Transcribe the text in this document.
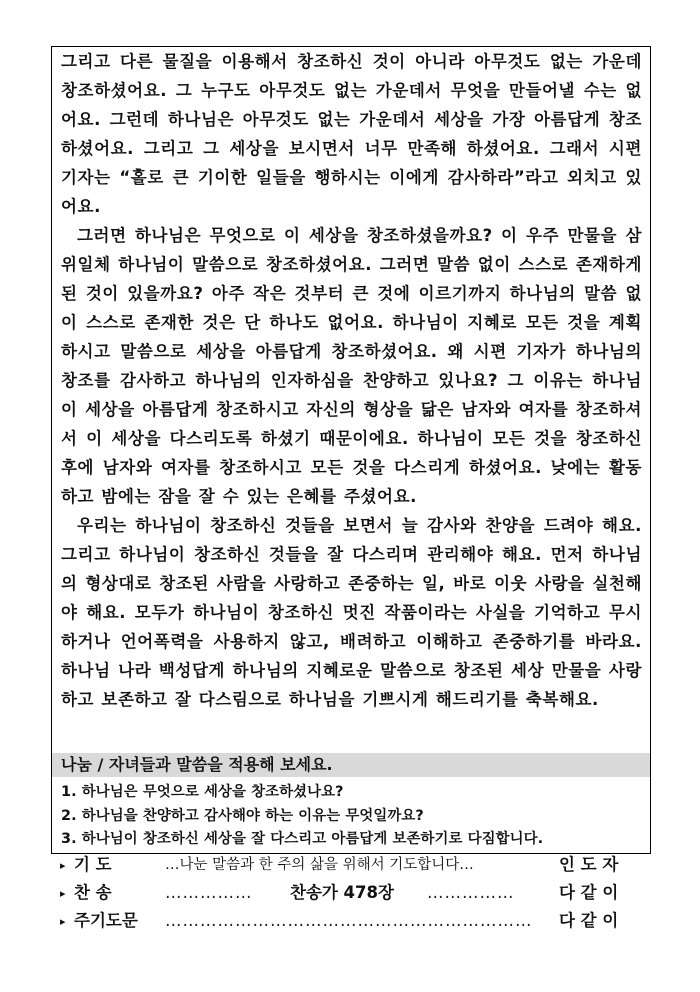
그리고 다른 물질을 이용해서 창조하신 것이 아니라 아무것도 없는 가운데 창조하셨어요. 그 누구도 아무것도 없는 가운데서 무엇을 만들어낼 수는 없어요. 그런데 하나님은 아무것도 없는 가운데서 세상을 가장 아름답게 창조하셨어요. 그리고 그 세상을 보시면서 너무 만족해 하셨어요. 그래서 시편 기자는 “홀로 큰 기이한 일들을 행하시는 이에게 감사하라”라고 외치고 있어요.

그러면 하나님은 무엇으로 이 세상을 창조하셨을까요? 이 우주 만물을 삼위일체 하나님이 말씀으로 창조하셨어요. 그러면 말씀 없이 스스로 존재하게 된 것이 있을까요? 아주 작은 것부터 큰 것에 이르기까지 하나님의 말씀 없이 스스로 존재한 것은 단 하나도 없어요. 하나님이 지혜로 모든 것을 계획하시고 말씀으로 세상을 아름답게 창조하셨어요. 왜 시편 기자가 하나님의 창조를 감사하고 하나님의 인자하심을 찬양하고 있나요? 그 이유는 하나님이 세상을 아름답게 창조하시고 자신의 형상을 닮은 남자와 여자를 창조하셔서 이 세상을 다스리도록 하셨기 때문이에요. 하나님이 모든 것을 창조하신 후에 남자와 여자를 창조하시고 모든 것을 다스리게 하셨어요. 낮에는 활동하고 밤에는 잠을 잘 수 있는 은혜를 주셨어요.

우리는 하나님이 창조하신 것들을 보면서 늘 감사와 찬양을 드려야 해요. 그리고 하나님이 창조하신 것들을 잘 다스리며 관리해야 해요. 먼저 하나님의 형상대로 창조된 사람을 사랑하고 존중하는 일, 바로 이웃 사랑을 실천해야 해요. 모두가 하나님이 창조하신 멋진 작품이라는 사실을 기억하고 무시하거나 언어폭력을 사용하지 않고, 배려하고 이해하고 존중하기를 바라요. 하나님 나라 백성답게 하나님의 지혜로운 말씀으로 창조된 세상 만물을 사랑하고 보존하고 잘 다스림으로 하나님을 기쁘시게 해드리기를 축복해요.

나눔 / 자녀들과 말씀을 적용해 보세요.
1. 하나님은 무엇으로 세상을 창조하셨나요?
2. 하나님을 찬양하고 감사해야 하는 이유는 무엇일까요?
3. 하나님이 창조하신 세상을 잘 다스리고 아름답게 보존하기로 다짐합니다.
▸ 기 도	…나눈 말씀과 한 주의 삶을 위해서 기도합니다…	인 도 자
▸ 찬 송	…………… 찬송가 478장 ……………	다 같 이
▸ 주기도문 ……………………………………………………… 다 같 이
